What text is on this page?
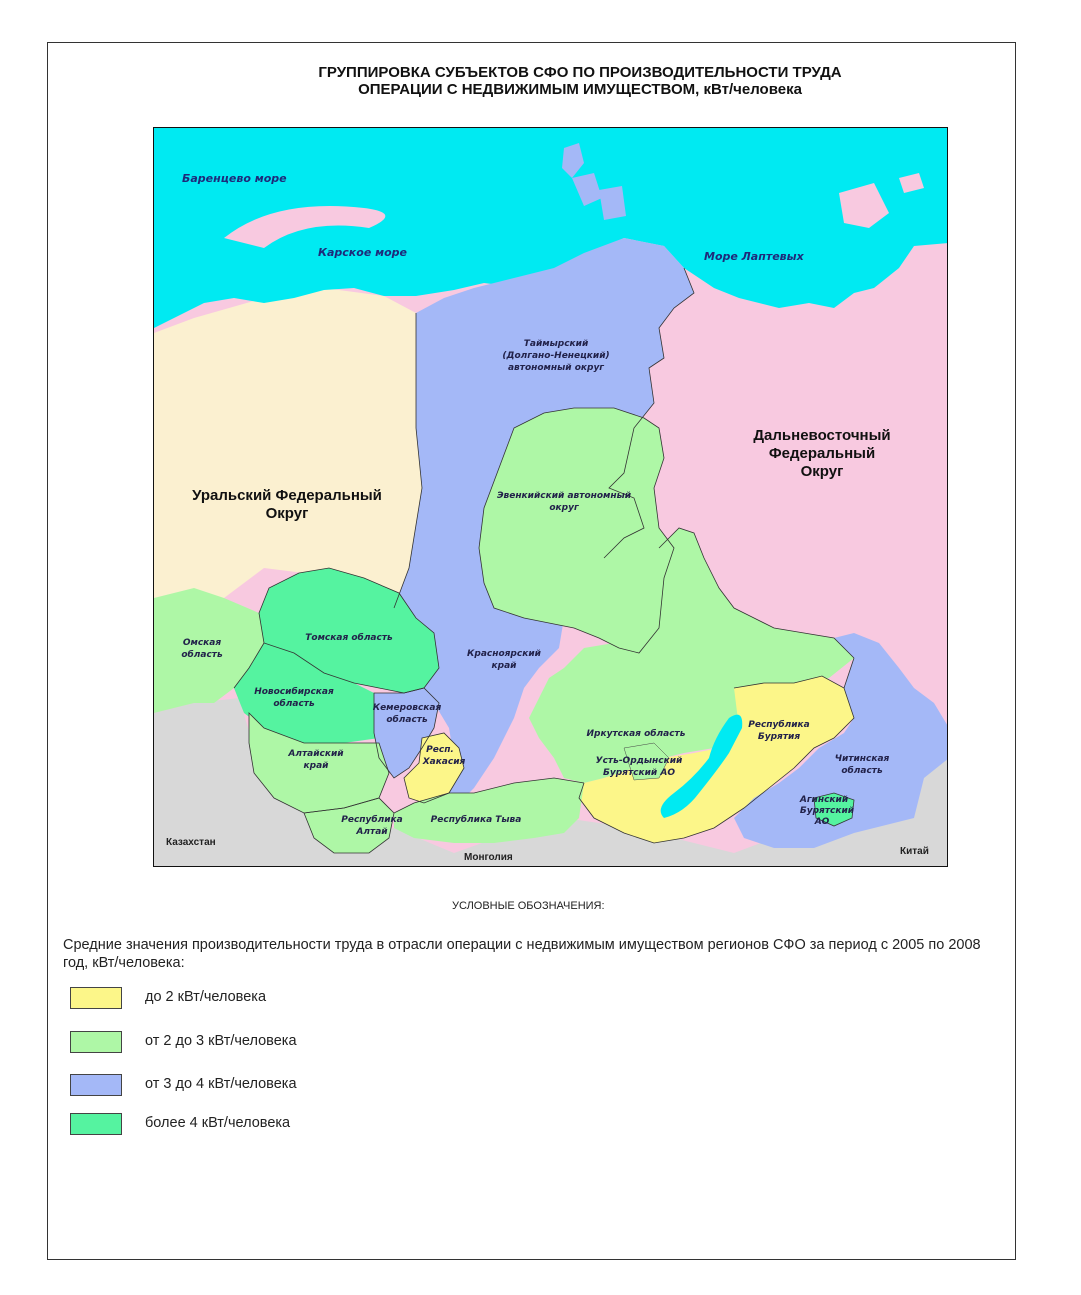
ГРУППИРОВКА СУБЪЕКТОВ СФО ПО ПРОИЗВОДИТЕЛЬНОСТИ ТРУДА
ОПЕРАЦИИ С НЕДВИЖИМЫМ ИМУЩЕСТВОМ, кВт/человека
Баренцево море
Карское море	Море Лаптевых
Уральский Федеральный
Округ
Дальневосточный
Федеральный
Округ
Казахстан
Монголия
Китай
Таймырский
(Долгано-Ненецкий)
автономный округ
Эвенкийский автономный
округ
Красноярский
край
Омская
область
Томская область
Новосибирская
область	Кемеровская
область
Алтайский
край
Респ.
Хакасия
Республика
Алтай
Республика Тыва
Иркутская область
Усть-Ордынский
Бурятский АО
Республика
Бурятия
Читинская
область
Агинский
Бурятский
АО
УСЛОВНЫЕ ОБОЗНАЧЕНИЯ:
Средние значения производительности труда в отрасли операции с недвижимым имуществом регионов СФО за период с 2005 по 2008 год, кВт/человека:
до 2 кВт/человека
от 2 до 3 кВт/человека
от 3 до 4 кВт/человека
более 4 кВт/человека
